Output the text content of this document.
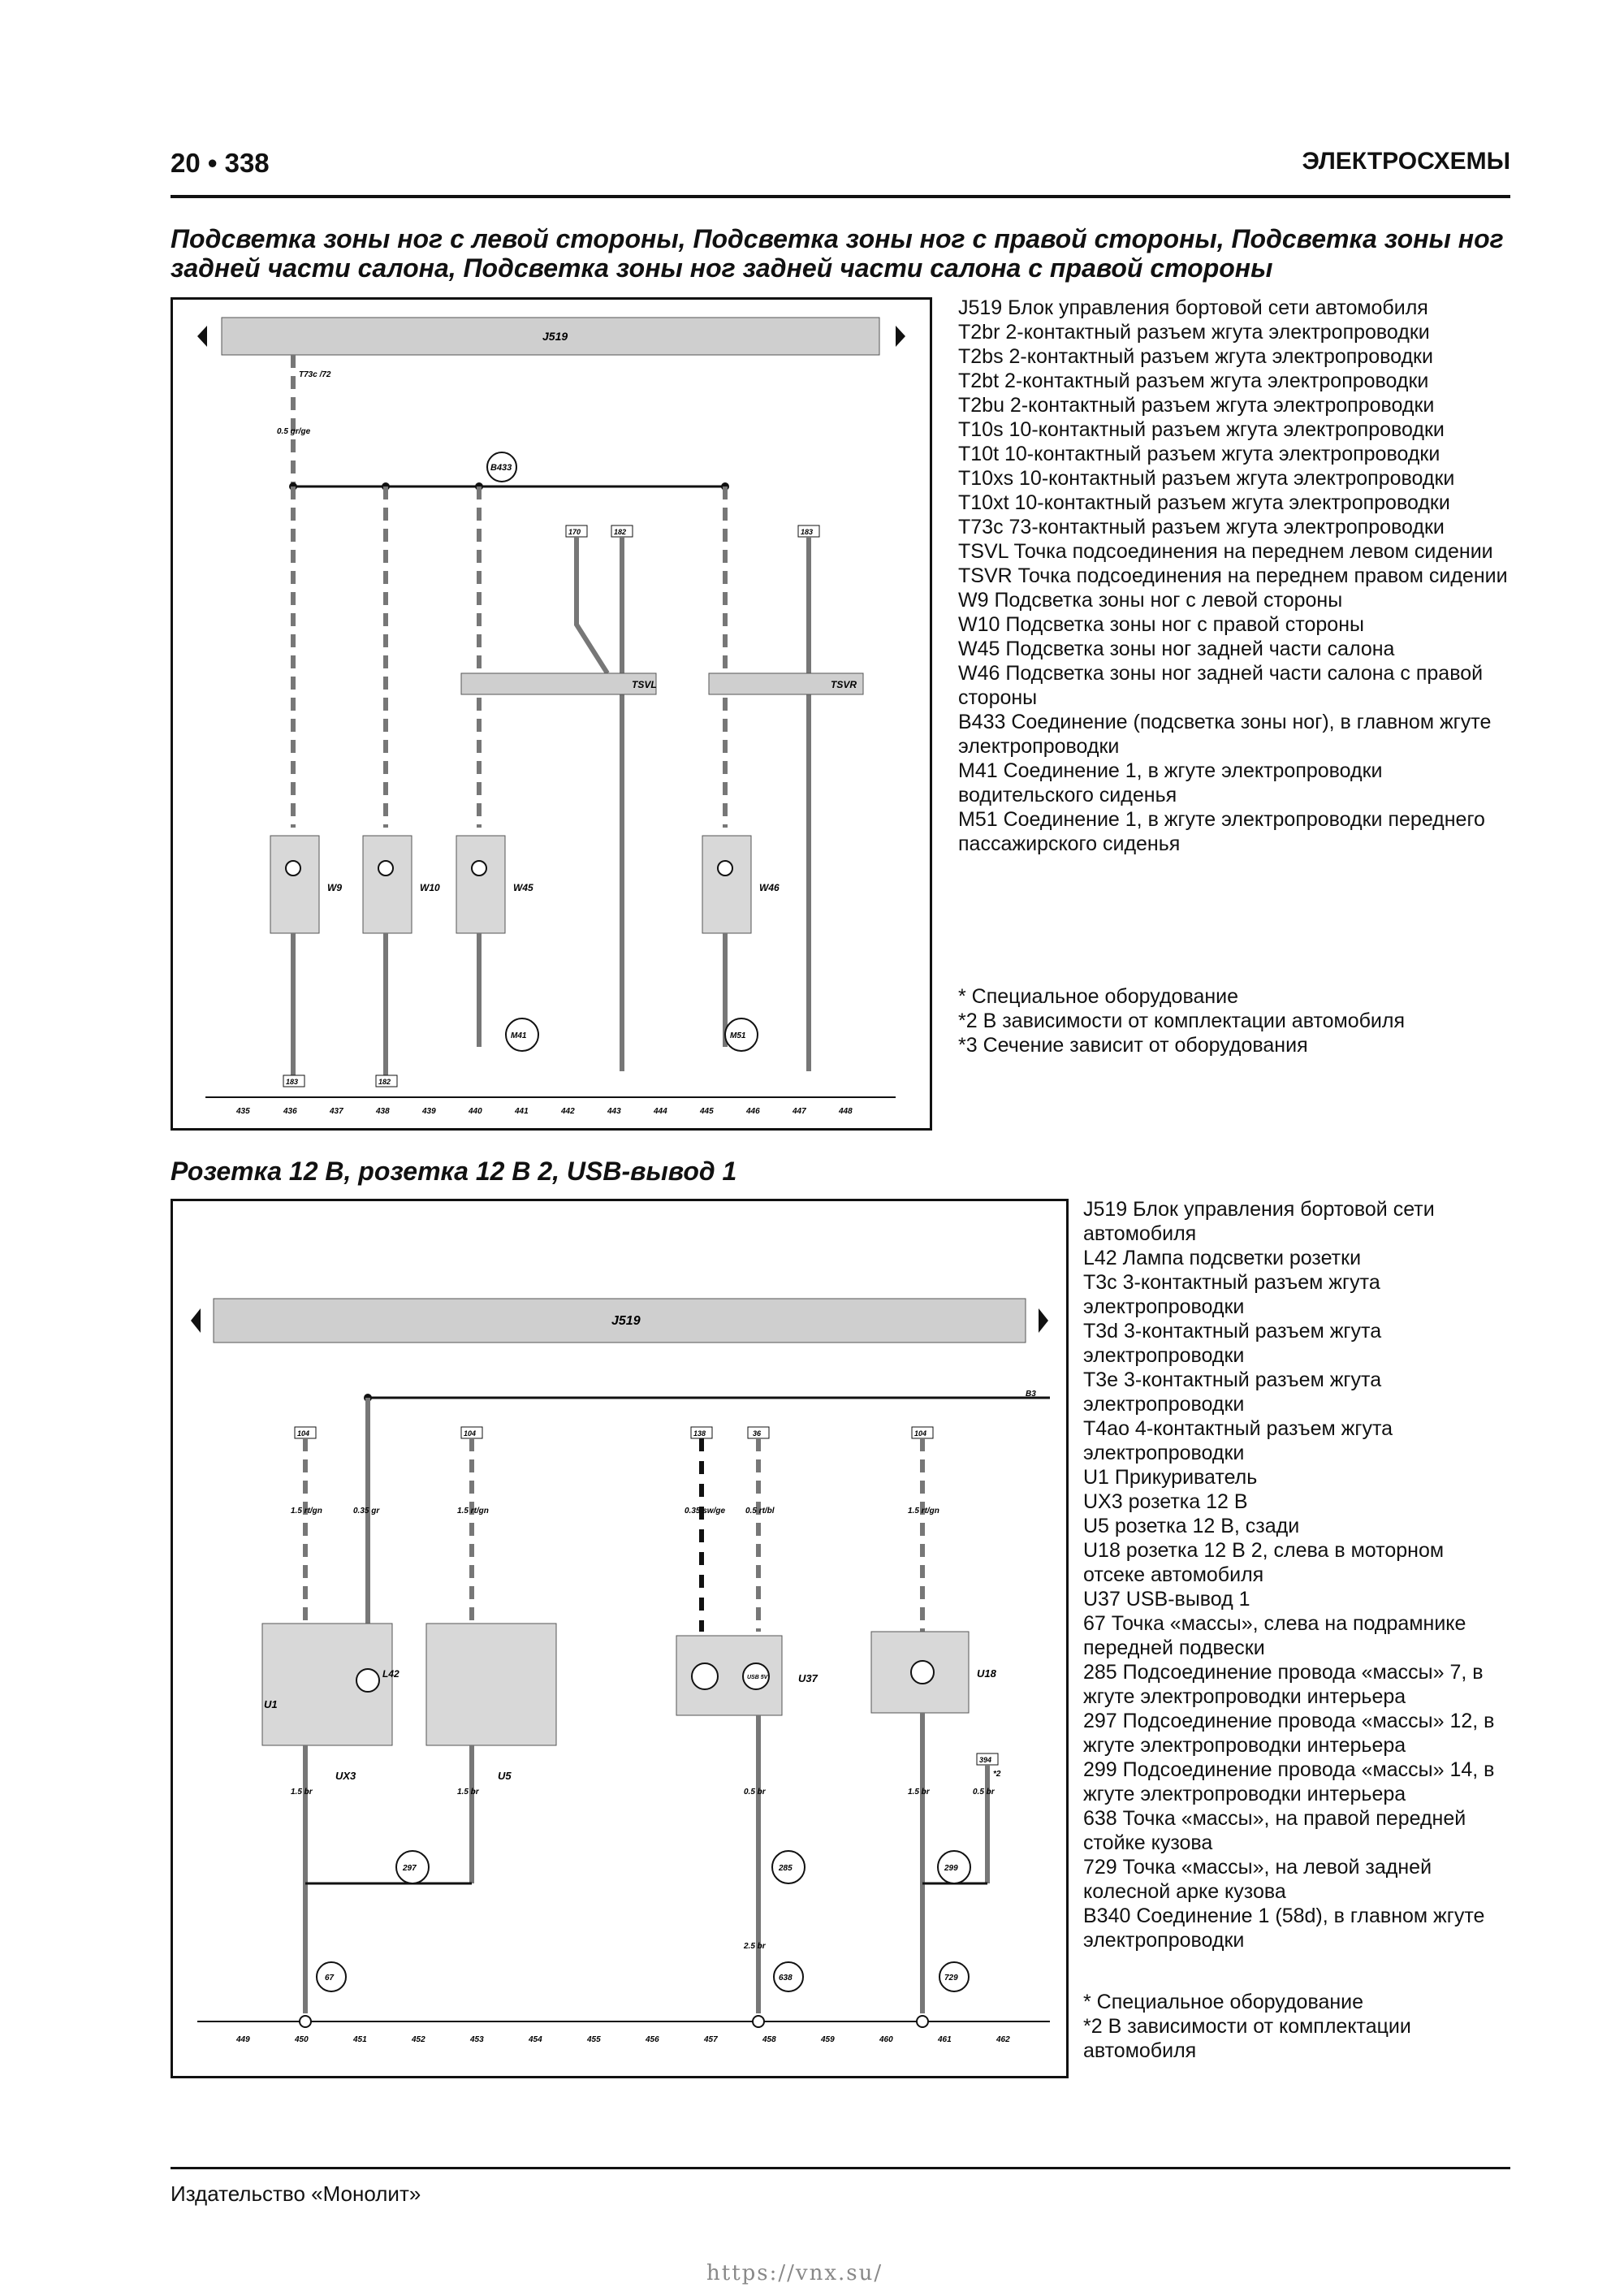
20 • 338	ЭЛЕКТРОСХЕМЫ
Подсветка зоны ног с левой стороны, Подсветка зоны ног с правой стороны, Подсветка зоны ног задней части салона, Подсветка зоны ног задней части салона с правой стороны
J519
T73c /72
0.5 gr/ge
B433
170	182	183
TSVL	TSVR
W9	W10	W45	W46
183	182
M41	M51
435	436	437	438	439	440	441	442	443	444	445	446	447	448
J519 Блок управления бортовой сети автомобиля
T2br 2-контактный разъем жгута электропроводки
T2bs 2-контактный разъем жгута электропроводки
T2bt 2-контактный разъем жгута электропроводки
T2bu 2-контактный разъем жгута электропроводки
T10s 10-контактный разъем жгута электропроводки
T10t 10-контактный разъем жгута электропроводки
T10xs 10-контактный разъем жгута электропроводки
T10xt 10-контактный разъем жгута электропроводки
T73c 73-контактный разъем жгута электропроводки
TSVL Точка подсоединения на переднем левом сидении
TSVR Точка подсоединения на переднем правом сидении
W9 Подсветка зоны ног с левой стороны
W10 Подсветка зоны ног с правой стороны
W45 Подсветка зоны ног задней части салона
W46 Подсветка зоны ног задней части салона с правой стороны
B433 Соединение (подсветка зоны ног), в главном жгуте электропроводки
M41 Соединение 1, в жгуте электропроводки водительского сиденья
M51 Соединение 1, в жгуте электропроводки переднего пассажирского сиденья
* Специальное оборудование
*2 В зависимости от комплектации автомобиля
*3 Сечение зависит от оборудования
Розетка 12 В, розетка 12 В 2, USB-вывод 1
J519
B3
104	104	138	36	104
394
1.5 rt/gn	0.35 gr	1.5 rt/gn	0.35 sw/ge 0.5 rt/bl	1.5 rt/gn
L42
U1
UX3	U5
USB 5V	U37	U18
1.5 br	1.5 br	0.5 br	1.5 br	0.5 br
2.5 br
*2
297	285	299
67	638	729
449	450	451	452	453	454	455	456	457	458	459	460	461	462
J519 Блок управления бортовой сети автомобиля
L42 Лампа подсветки розетки
T3c 3-контактный разъем жгута электропроводки
T3d 3-контактный разъем жгута электропроводки
T3e 3-контактный разъем жгута электропроводки
T4ao 4-контактный разъем жгута электропроводки
U1 Прикуриватель
UX3 розетка 12 В
U5 розетка 12 В, сзади
U18 розетка 12 В 2, слева в моторном отсеке автомобиля
U37 USB-вывод 1
67 Точка «массы», слева на подрамнике передней подвески
285 Подсоединение провода «массы» 7, в жгуте электропроводки интерьера
297 Подсоединение провода «массы» 12, в жгуте электропроводки интерьера
299 Подсоединение провода «массы» 14, в жгуте электропроводки интерьера
638 Точка «массы», на правой передней стойке кузова
729 Точка «массы», на левой задней колесной арке кузова
B340 Соединение 1 (58d), в главном жгуте электропроводки
* Специальное оборудование
*2 В зависимости от комплектации автомобиля
Издательство «Монолит»
https://vnx.su/
